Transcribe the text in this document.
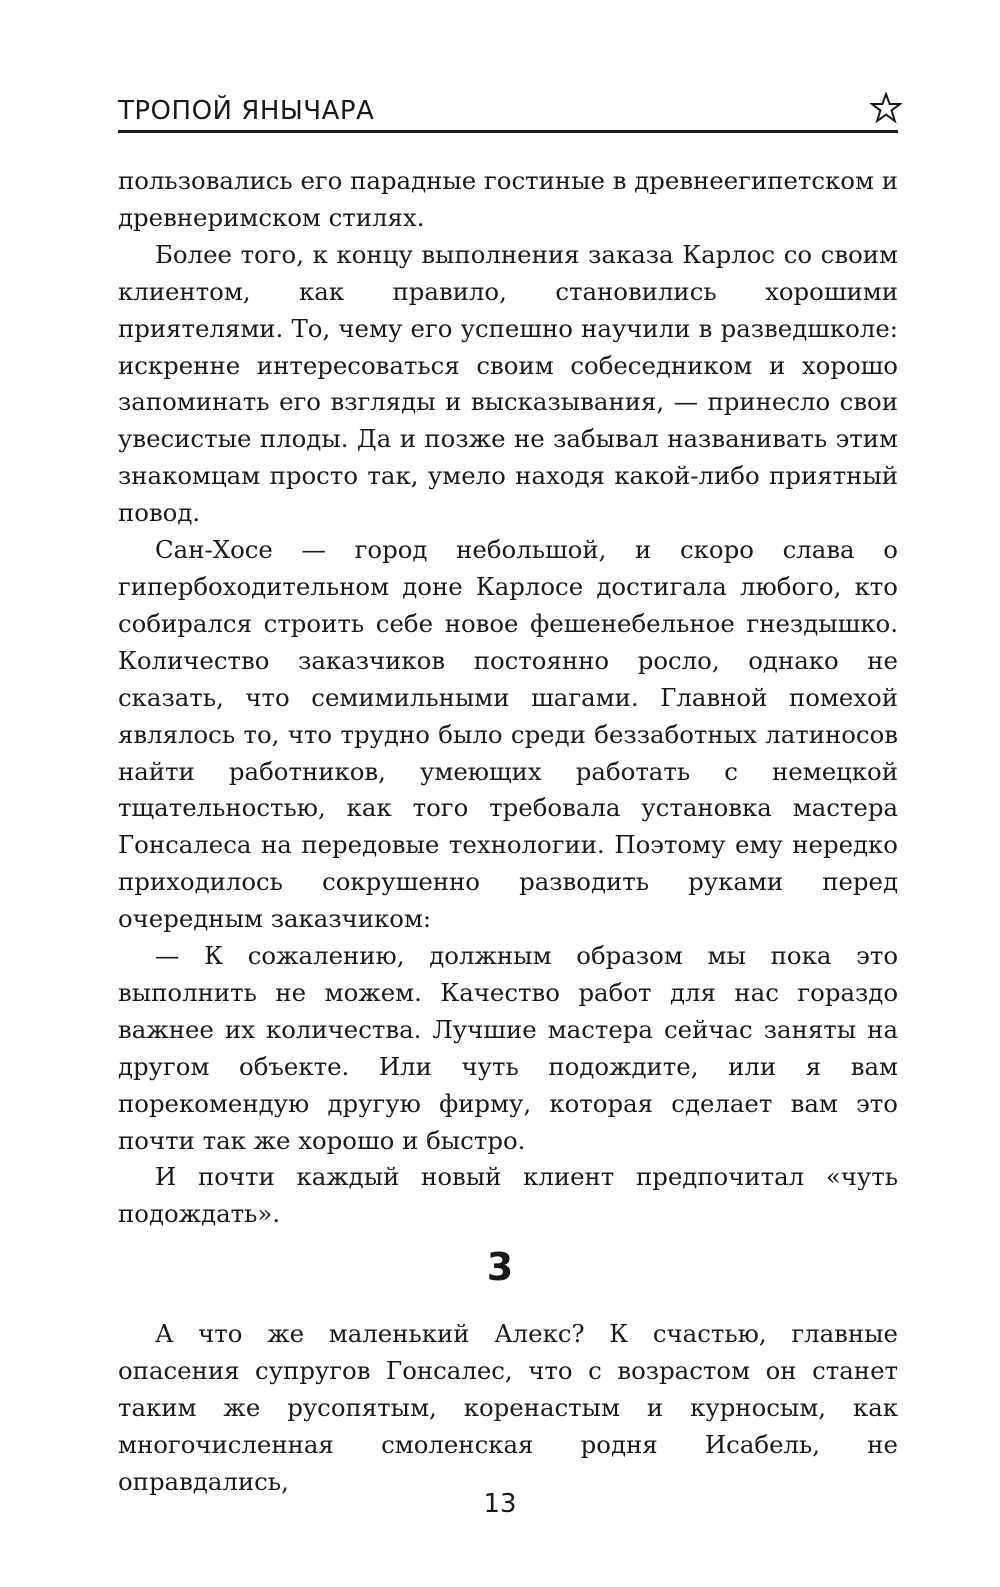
ТРОПОЙ ЯНЫЧАРА

пользовались его парадные гостиные в древнеегипетском и древнеримском стилях.

Более того, к концу выполнения заказа Карлос со своим клиентом, как правило, становились хорошими приятелями. То, чему его успешно научили в разведшколе: искренне интересоваться своим собеседником и хорошо запоминать его взгляды и высказывания, — принесло свои увесистые плоды. Да и позже не забывал названивать этим знакомцам просто так, умело находя какой-либо приятный повод.

Сан-Хосе — город небольшой, и скоро слава о гипербоходительном доне Карлосе достигала любого, кто собирался строить себе новое фешенебельное гнездышко. Количество заказчиков постоянно росло, однако не сказать, что семимильными шагами. Главной помехой являлось то, что трудно было среди беззаботных латиносов найти работников, умеющих работать с немецкой тщательностью, как того требовала установка мастера Гонсалеса на передовые технологии. Поэтому ему нередко приходилось сокрушенно разводить руками перед очередным заказчиком:

— К сожалению, должным образом мы пока это выполнить не можем. Качество работ для нас гораздо важнее их количества. Лучшие мастера сейчас заняты на другом объекте. Или чуть подождите, или я вам порекомендую другую фирму, которая сделает вам это почти так же хорошо и быстро.

И почти каждый новый клиент предпочитал «чуть подождать».

3

А что же маленький Алекс? К счастью, главные опасения супругов Гонсалес, что с возрастом он станет таким же русопятым, коренастым и курносым, как многочисленная смоленская родня Исабель, не оправдались,

13
